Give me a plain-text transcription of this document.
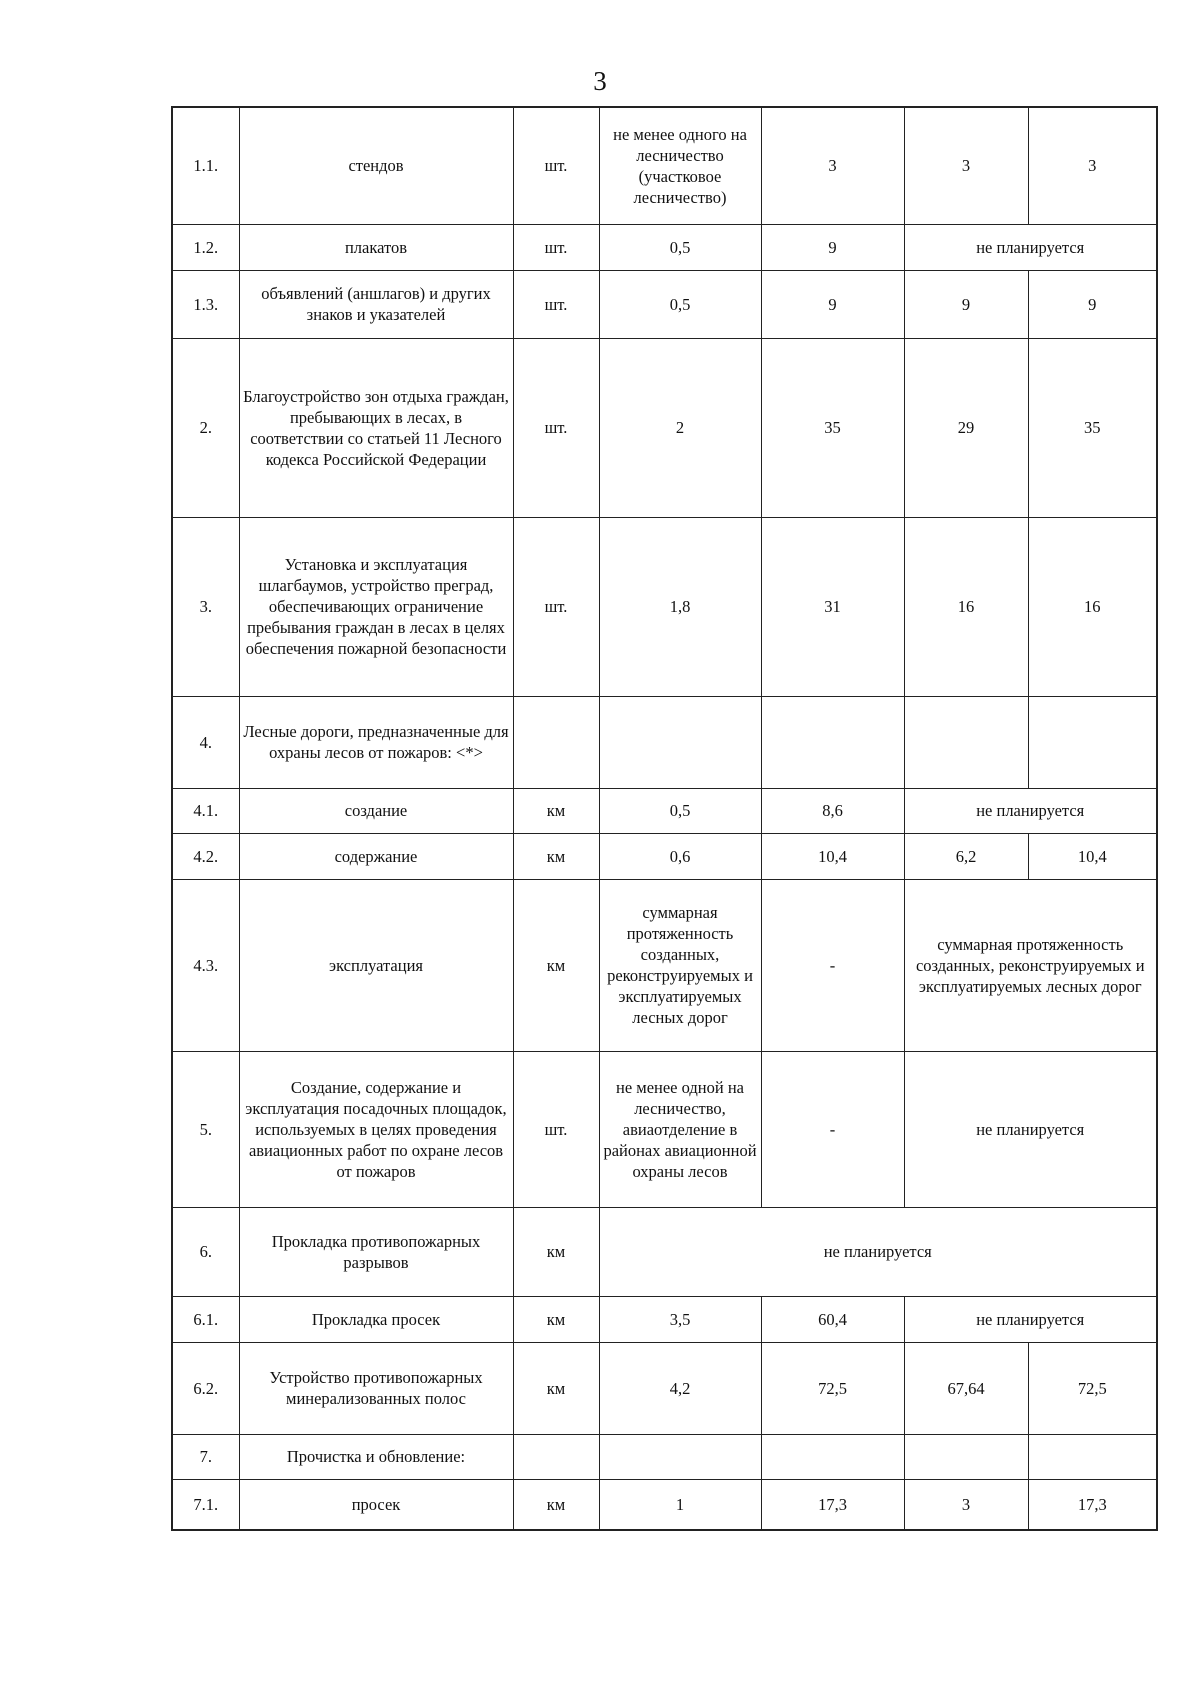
3
1.1.	стендов	шт.	не менее одного на лесничество (участковое лесничество)	3	3	3
1.2.	плакатов	шт.	0,5	9	не планируется	
1.3.	объявлений (аншлагов) и других знаков и указателей	шт.	0,5	9	9	9
2.	Благоустройство зон отдыха граждан, пребывающих в лесах, в соответствии со статьей 11 Лесного кодекса Российской Федерации	шт.	2	35	29	35
3.	Установка и эксплуатация шлагбаумов, устройство преград, обеспечивающих ограничение пребывания граждан в лесах в целях обеспечения пожарной безопасности	шт.	1,8	31	16	16
4.	Лесные дороги, предназначенные для охраны лесов от пожаров: <*>					
4.1.	создание	км	0,5	8,6	не планируется	
4.2.	содержание	км	0,6	10,4	6,2	10,4
4.3.	эксплуатация	км	суммарная протяженность созданных, реконструируемых и эксплуатируемых лесных дорог	-	суммарная протяженность созданных, реконструируемых и эксплуатируемых лесных дорог	
5.	Создание, содержание и эксплуатация посадочных площадок, используемых в целях проведения авиационных работ по охране лесов от пожаров	шт.	не менее одной на лесничество, авиаотделение в районах авиационной охраны лесов	-	не планируется	
6.	Прокладка противопожарных разрывов	км	не планируется			
6.1.	Прокладка просек	км	3,5	60,4	не планируется	
6.2.	Устройство противопожарных минерализованных полос	км	4,2	72,5	67,64	72,5
7.	Прочистка и обновление:					
7.1.	просек	км	1	17,3	3	17,3
